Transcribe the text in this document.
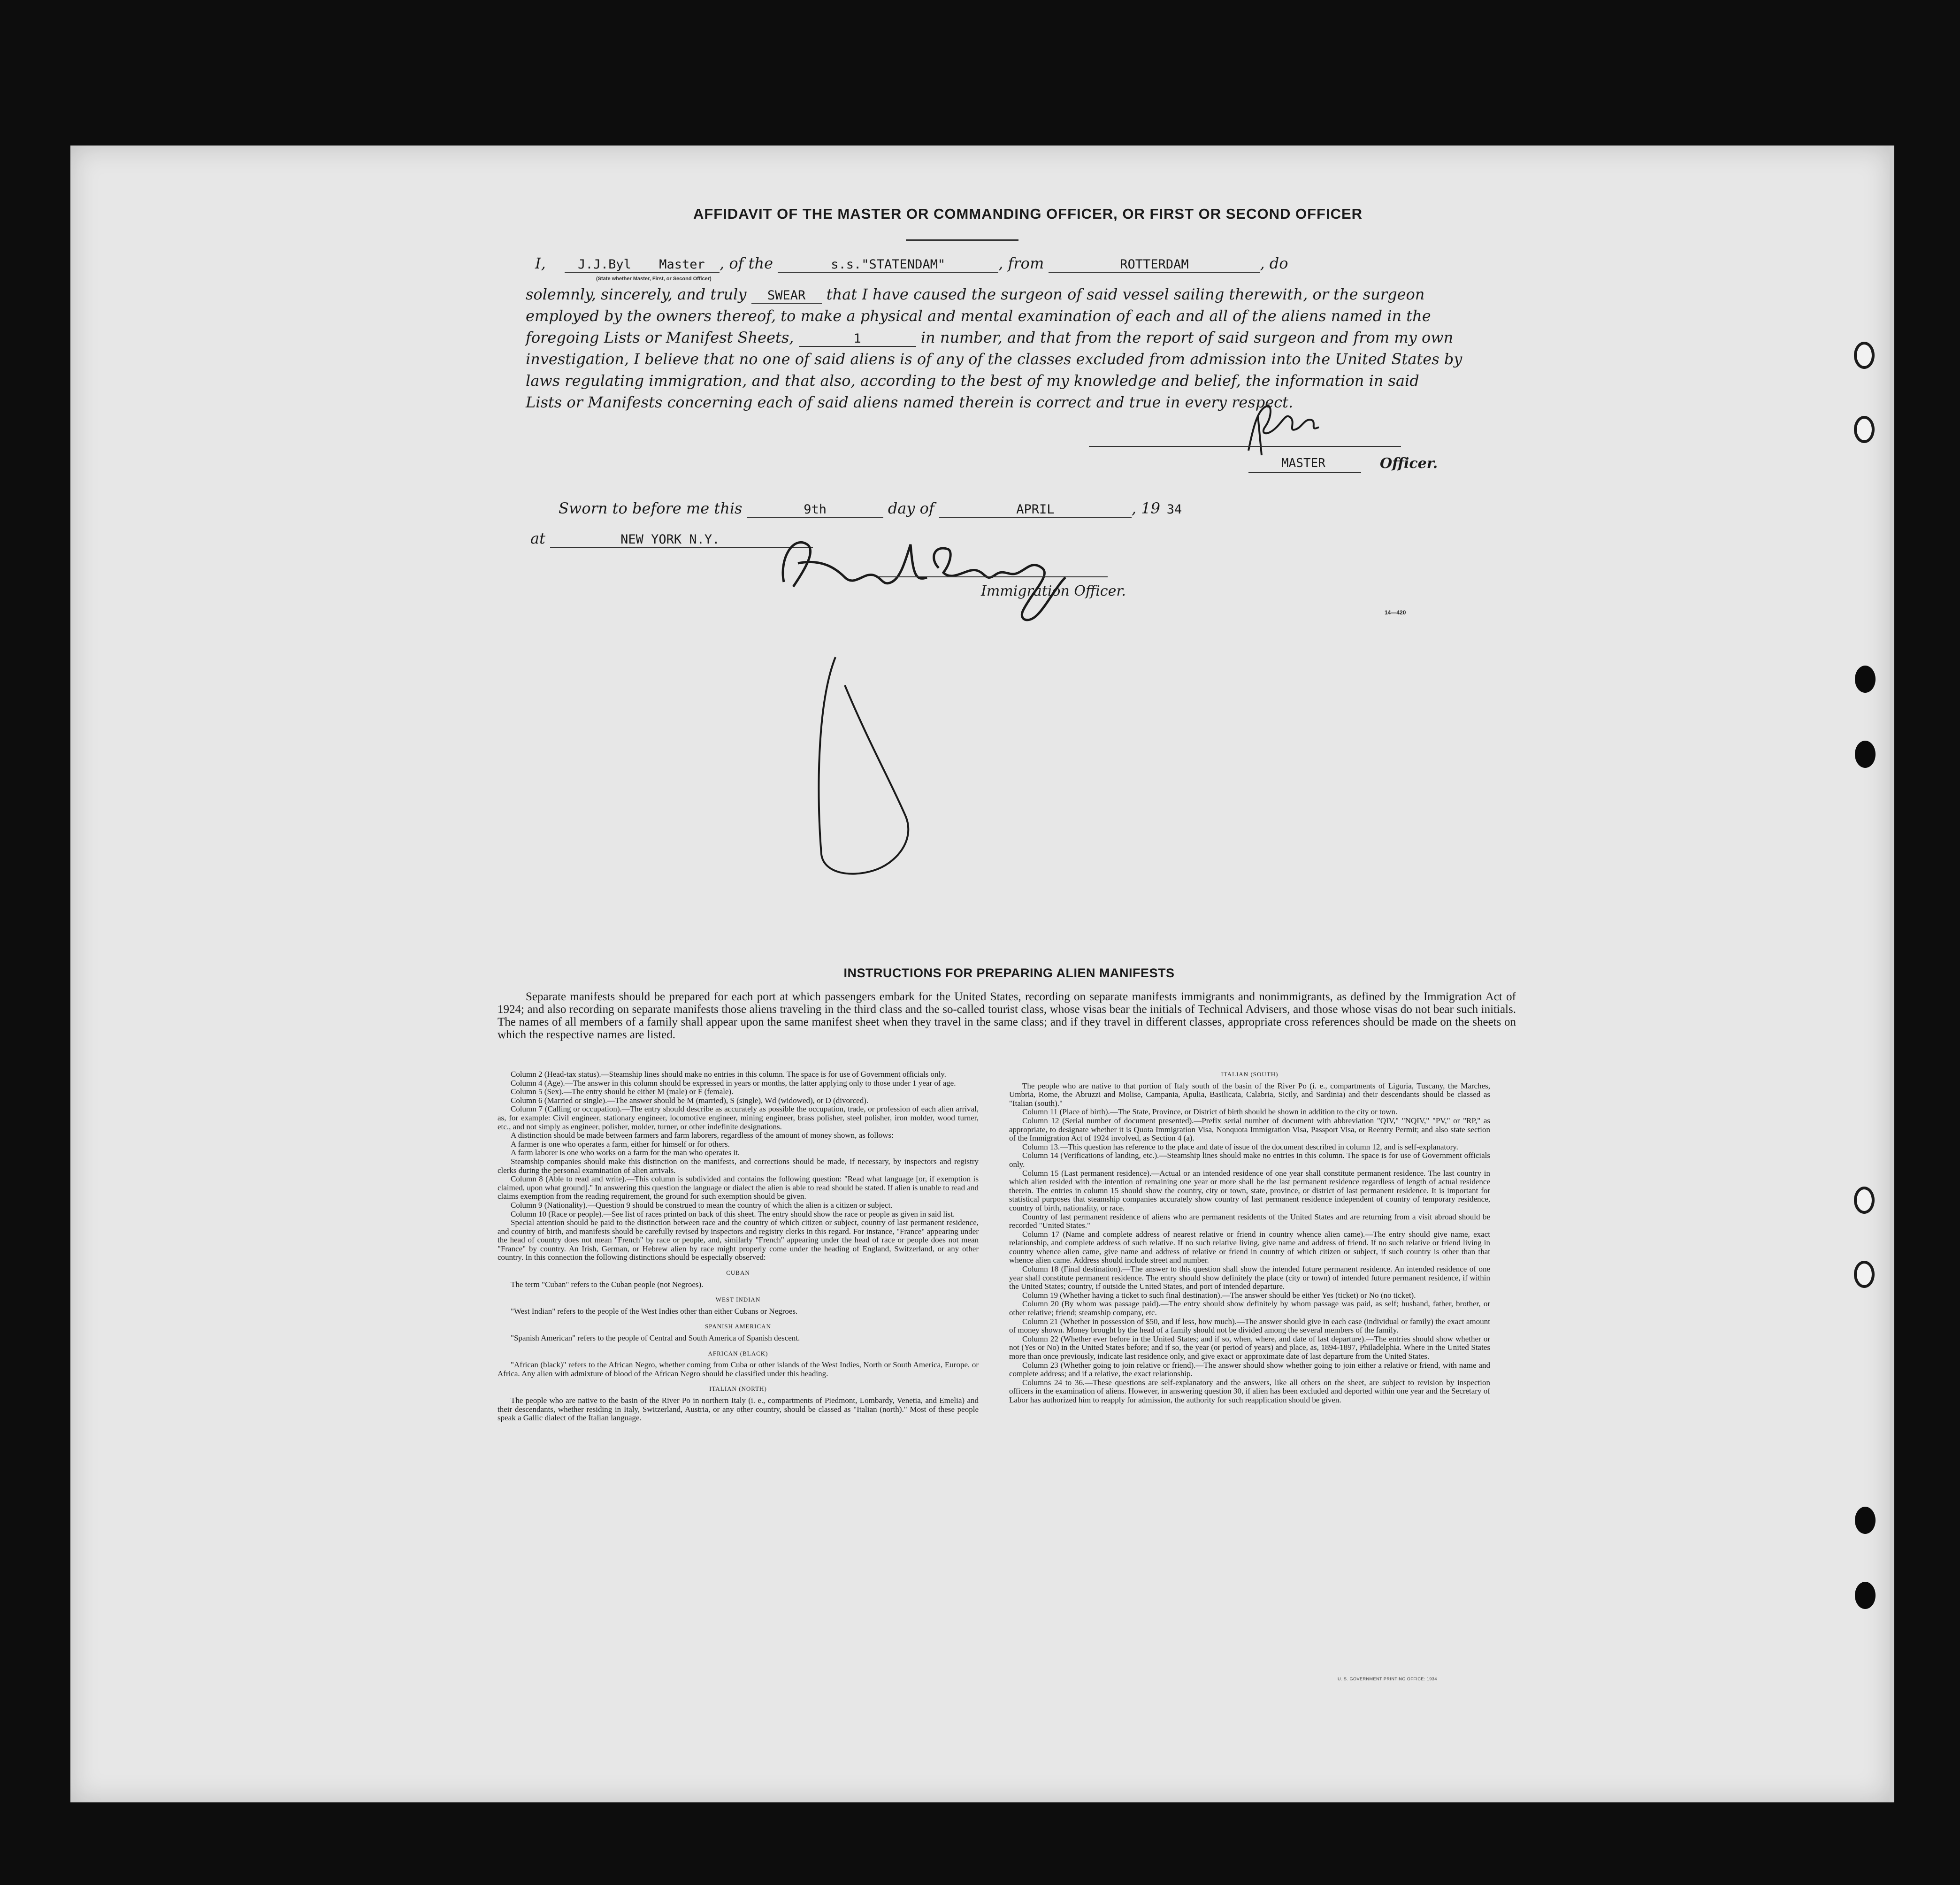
AFFIDAVIT OF THE MASTER OR COMMANDING OFFICER, OR FIRST OR SECOND OFFICER
I,	J.J.Byl Master , of the	s.s."STATENDAM"	, from	ROTTERDAM	, do
(State whether Master, First, or Second Officer)
solemnly, sincerely, and truly SWEAR that I have caused the surgeon of said vessel sailing therewith, or the surgeon
employed by the owners thereof, to make a physical and mental examination of each and all of the aliens named in the
foregoing Lists or Manifest Sheets,	1	in number, and that from the report of said surgeon and from my own
investigation, I believe that no one of said aliens is of any of the classes excluded from admission into the United States by
laws regulating immigration, and that also, according to the best of my knowledge and belief, the information in said
Lists or Manifests concerning each of said aliens named therein is correct and true in every respect.
MASTER	Officer.
Sworn to before me this	9th	day of	APRIL	, 19 34
at	NEW YORK N.Y.
Immigration Officer.
14—420
INSTRUCTIONS FOR PREPARING ALIEN MANIFESTS
Separate manifests should be prepared for each port at which passengers embark for the United States, recording on separate manifests immigrants and nonimmigrants, as defined by the Immigration Act of 1924; and also recording on separate manifests those aliens traveling in the third class and the so-called tourist class, whose visas bear the initials of Technical Advisers, and those whose visas do not bear such initials. The names of all members of a family shall appear upon the same manifest sheet when they travel in the same class; and if they travel in different classes, appropriate cross references should be made on the sheets on which the respective names are listed.

Column 2 (Head-tax status).—Steamship lines should make no entries in this column. The space is for use of Government officials only.

Column 4 (Age).—The answer in this column should be expressed in years or months, the latter applying only to those under 1 year of age.

Column 5 (Sex).—The entry should be either M (male) or F (female).

Column 6 (Married or single).—The answer should be M (married), S (single), Wd (widowed), or D (divorced).

Column 7 (Calling or occupation).—The entry should describe as accurately as possible the occupation, trade, or profession of each alien arrival, as, for example: Civil engineer, stationary engineer, locomotive engineer, mining engineer, brass polisher, steel polisher, iron molder, wood turner, etc., and not simply as engineer, polisher, molder, turner, or other indefinite designations.

A distinction should be made between farmers and farm laborers, regardless of the amount of money shown, as follows:

A farmer is one who operates a farm, either for himself or for others.

A farm laborer is one who works on a farm for the man who operates it.

Steamship companies should make this distinction on the manifests, and corrections should be made, if necessary, by inspectors and registry clerks during the personal examination of alien arrivals.

Column 8 (Able to read and write).—This column is subdivided and contains the following question: "Read what language [or, if exemption is claimed, upon what ground]." In answering this question the language or dialect the alien is able to read should be stated. If alien is unable to read and claims exemption from the reading requirement, the ground for such exemption should be given.

Column 9 (Nationality).—Question 9 should be construed to mean the country of which the alien is a citizen or subject.

Column 10 (Race or people).—See list of races printed on back of this sheet. The entry should show the race or people as given in said list.

Special attention should be paid to the distinction between race and the country of which citizen or subject, country of last permanent residence, and country of birth, and manifests should be carefully revised by inspectors and registry clerks in this regard. For instance, "France" appearing under the head of country does not mean "French" by race or people, and, similarly "French" appearing under the head of race or people does not mean "France" by country. An Irish, German, or Hebrew alien by race might properly come under the heading of England, Switzerland, or any other country. In this connection the following distinctions should be especially observed:

CUBAN

The term "Cuban" refers to the Cuban people (not Negroes).

WEST INDIAN

"West Indian" refers to the people of the West Indies other than either Cubans or Negroes.

SPANISH AMERICAN

"Spanish American" refers to the people of Central and South America of Spanish descent.

AFRICAN (BLACK)

"African (black)" refers to the African Negro, whether coming from Cuba or other islands of the West Indies, North or South America, Europe, or Africa. Any alien with admixture of blood of the African Negro should be classified under this heading.

ITALIAN (NORTH)

The people who are native to the basin of the River Po in northern Italy (i. e., compartments of Piedmont, Lombardy, Venetia, and Emelia) and their descendants, whether residing in Italy, Switzerland, Austria, or any other country, should be classed as "Italian (north)." Most of these people speak a Gallic dialect of the Italian language.

ITALIAN (SOUTH)

The people who are native to that portion of Italy south of the basin of the River Po (i. e., compartments of Liguria, Tuscany, the Marches, Umbria, Rome, the Abruzzi and Molise, Campania, Apulia, Basilicata, Calabria, Sicily, and Sardinia) and their descendants should be classed as "Italian (south)."

Column 11 (Place of birth).—The State, Province, or District of birth should be shown in addition to the city or town.

Column 12 (Serial number of document presented).—Prefix serial number of document with abbreviation "QIV," "NQIV," "PV," or "RP," as appropriate, to designate whether it is Quota Immigration Visa, Nonquota Immigration Visa, Passport Visa, or Reentry Permit; and also state section of the Immigration Act of 1924 involved, as Section 4 (a).

Column 13.—This question has reference to the place and date of issue of the document described in column 12, and is self-explanatory.

Column 14 (Verifications of landing, etc.).—Steamship lines should make no entries in this column. The space is for use of Government officials only.

Column 15 (Last permanent residence).—Actual or an intended residence of one year shall constitute permanent residence. The last country in which alien resided with the intention of remaining one year or more shall be the last permanent residence regardless of length of actual residence therein. The entries in column 15 should show the country, city or town, state, province, or district of last permanent residence. It is important for statistical purposes that steamship companies accurately show country of last permanent residence independent of country of temporary residence, country of birth, nationality, or race.

Country of last permanent residence of aliens who are permanent residents of the United States and are returning from a visit abroad should be recorded "United States."

Column 17 (Name and complete address of nearest relative or friend in country whence alien came).—The entry should give name, exact relationship, and complete address of such relative. If no such relative living, give name and address of friend. If no such relative or friend living in country whence alien came, give name and address of relative or friend in country of which citizen or subject, if such country is other than that whence alien came. Address should include street and number.

Column 18 (Final destination).—The answer to this question shall show the intended future permanent residence. An intended residence of one year shall constitute permanent residence. The entry should show definitely the place (city or town) of intended future permanent residence, if within the United States; country, if outside the United States, and port of intended departure.

Column 19 (Whether having a ticket to such final destination).—The answer should be either Yes (ticket) or No (no ticket).

Column 20 (By whom was passage paid).—The entry should show definitely by whom passage was paid, as self; husband, father, brother, or other relative; friend; steamship company, etc.

Column 21 (Whether in possession of $50, and if less, how much).—The answer should give in each case (individual or family) the exact amount of money shown. Money brought by the head of a family should not be divided among the several members of the family.

Column 22 (Whether ever before in the United States; and if so, when, where, and date of last departure).—The entries should show whether or not (Yes or No) in the United States before; and if so, the year (or period of years) and place, as, 1894-1897, Philadelphia. Where in the United States more than once previously, indicate last residence only, and give exact or approximate date of last departure from the United States.

Column 23 (Whether going to join relative or friend).—The answer should show whether going to join either a relative or friend, with name and complete address; and if a relative, the exact relationship.

Columns 24 to 36.—These questions are self-explanatory and the answers, like all others on the sheet, are subject to revision by inspection officers in the examination of aliens. However, in answering question 30, if alien has been excluded and deported within one year and the Secretary of Labor has authorized him to reapply for admission, the authority for such reapplication should be given.

U. S. GOVERNMENT PRINTING OFFICE: 1934
